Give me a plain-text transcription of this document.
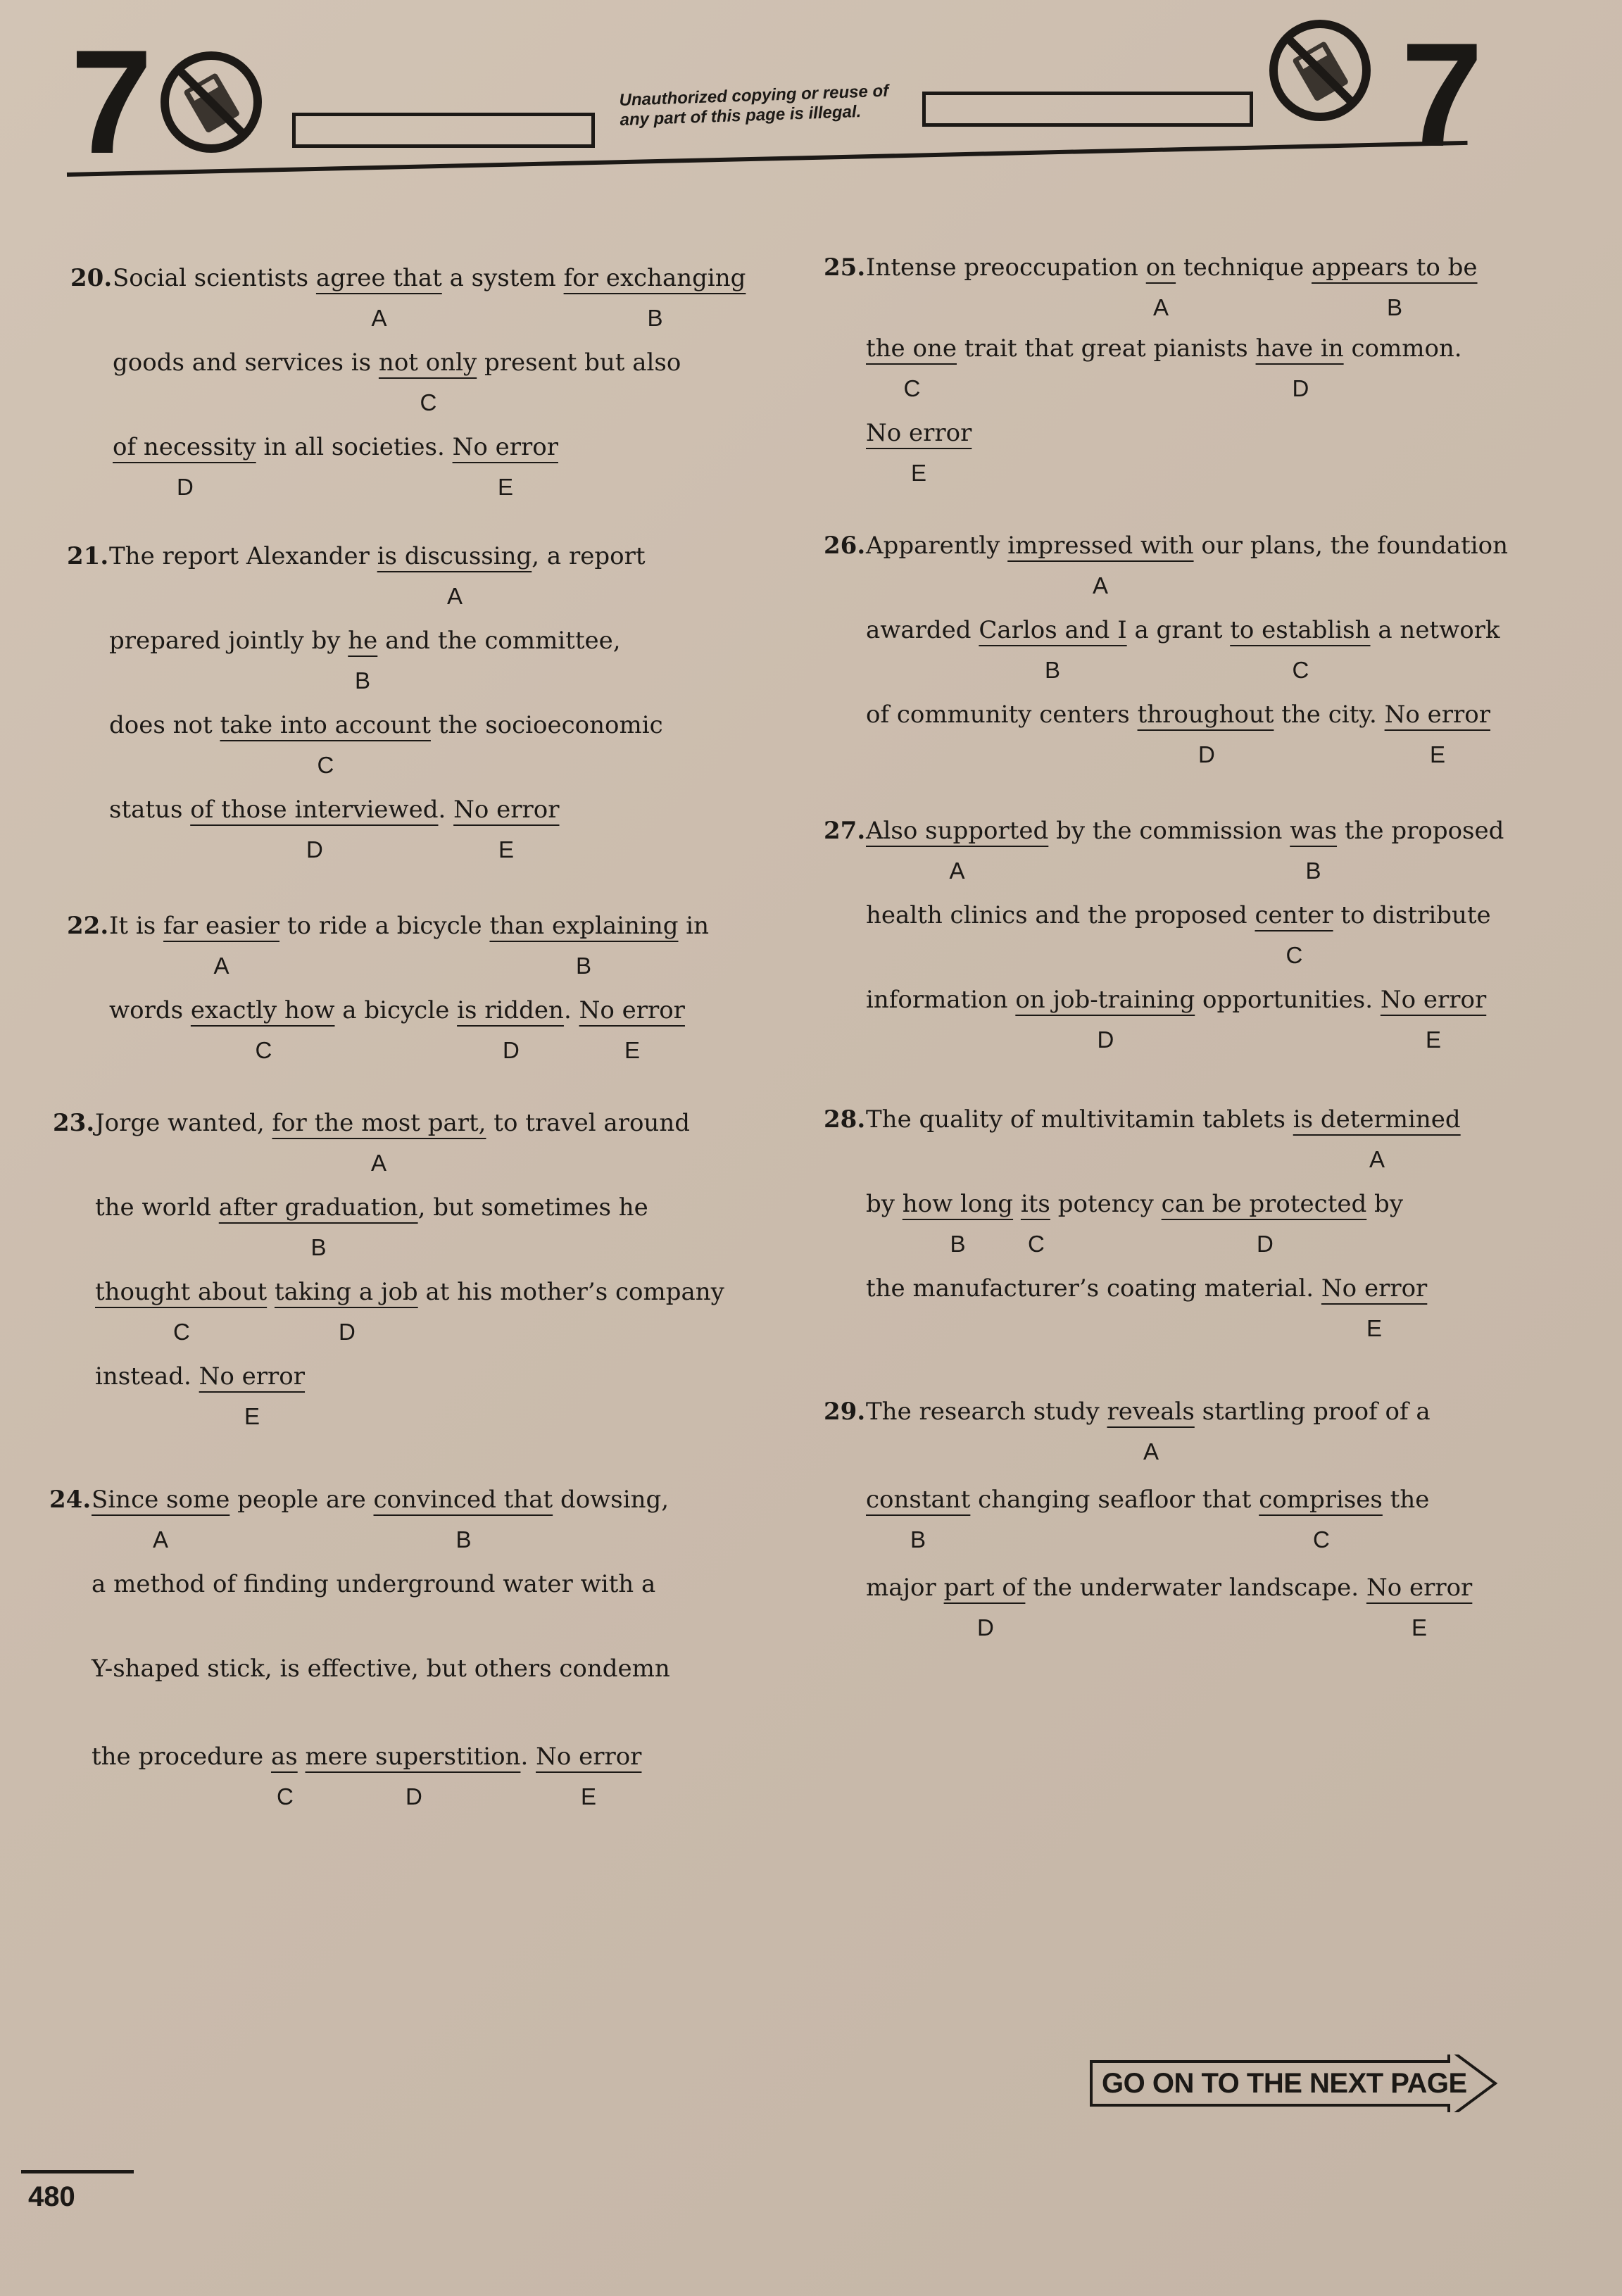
7	Unauthorized copying or reuse of any part of this page is illegal.	7
20. Social scientists agree that a system for exchanging
goods and services is not only present but also
of necessity in all societies. No error
21. The report Alexander is discussing, a report
prepared jointly by he and the committee,
does not take into account the socioeconomic
status of those interviewed. No error
22. It is far easier to ride a bicycle than explaining in
words exactly how a bicycle is ridden. No error
23. Jorge wanted, for the most part, to travel around
the world after graduation, but sometimes he
thought about taking a job at his mother’s company
instead. No error
24. Since some people are convinced that dowsing,
a method of finding underground water with a
Y-shaped stick, is effective, but others condemn
the procedure as mere superstition. No error
25. Intense preoccupation on technique appears to be
the one trait that great pianists have in common.
No error
26. Apparently impressed with our plans, the foundation
awarded Carlos and I a grant to establish a network
of community centers throughout the city. No error
27. Also supported by the commission was the proposed
health clinics and the proposed center to distribute
information on job-training opportunities. No error
28. The quality of multivitamin tablets is determined
by how long its potency can be protected by
the manufacturer’s coating material. No error
29. The research study reveals startling proof of a
constant changing seafloor that comprises the
major part of the underwater landscape. No error
A	B
C
D	E
A
B
C
D	E
A	B
C	D	E
A
B
C	D
E
A	B
C	D	E
A	B
C	D
E
A
B	C
D	E
A	B
C
D	E
A
B	C	D
E
A
B	C
D	E
GO ON TO THE NEXT PAGE
480
